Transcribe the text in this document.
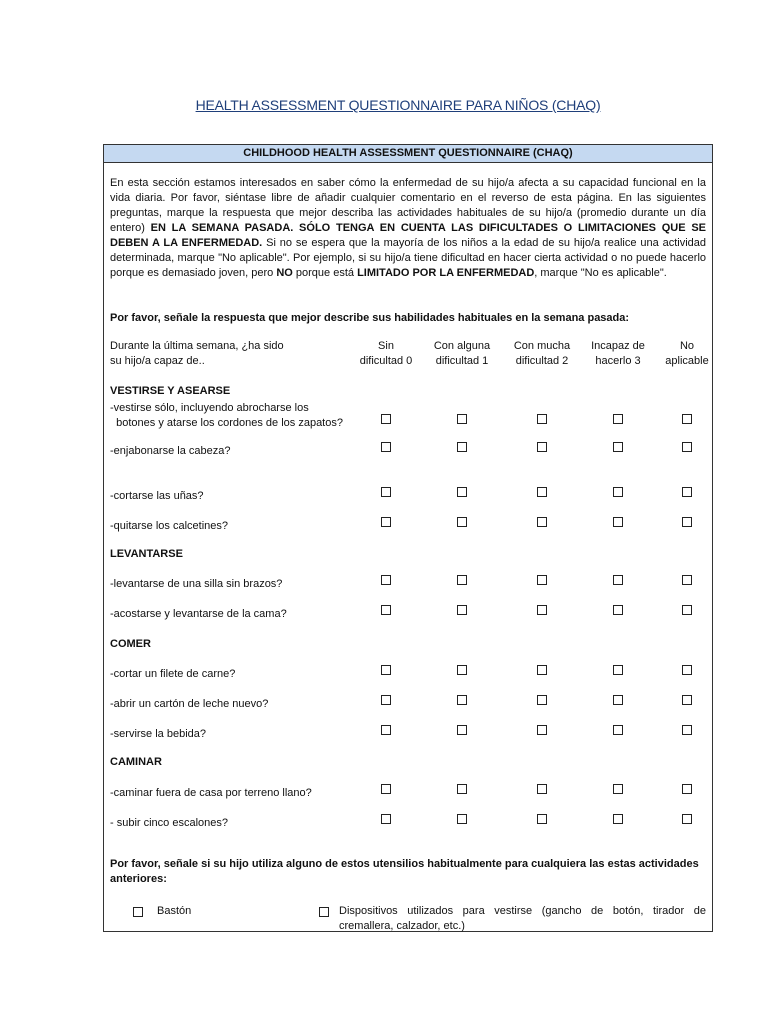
HEALTH ASSESSMENT QUESTIONNAIRE PARA NIÑOS (CHAQ)
CHILDHOOD HEALTH ASSESSMENT QUESTIONNAIRE (CHAQ)
En esta sección estamos interesados en saber cómo la enfermedad de su hijo/a afecta a su capacidad funcional en la vida diaria. Por favor, siéntase libre de añadir cualquier comentario en el reverso de esta página. En las siguientes preguntas, marque la respuesta que mejor describa las actividades habituales de su hijo/a (promedio durante un día entero) EN LA SEMANA PASADA. SÓLO TENGA EN CUENTA LAS DIFICULTADES O LIMITACIONES QUE SE DEBEN A LA ENFERMEDAD. Si no se espera que la mayoría de los niños a la edad de su hijo/a realice una actividad determinada, marque "No aplicable". Por ejemplo, si su hijo/a tiene dificultad en hacer cierta actividad o no puede hacerlo porque es demasiado joven, pero NO porque está LIMITADO POR LA ENFERMEDAD, marque "No es aplicable".
Por favor, señale la respuesta que mejor describe sus habilidades habituales en la semana pasada:
Durante la última semana, ¿ha sido
su hijo/a capaz de..
Sin
dificultad 0
Con alguna
dificultad 1
Con mucha
dificultad 2
Incapaz de
hacerlo 3
No
aplicable
VESTIRSE Y ASEARSE
-vestirse sólo, incluyendo abrocharse los
botones y atarse los cordones de los zapatos?
-enjabonarse la cabeza?
-cortarse las uñas?
-quitarse los calcetines?
LEVANTARSE
-levantarse de una silla sin brazos?
-acostarse y levantarse de la cama?
COMER
-cortar un filete de carne?
-abrir un cartón de leche nuevo?
-servirse la bebida?
CAMINAR
-caminar fuera de casa por terreno llano?
- subir cinco escalones?
Por favor, señale si su hijo utiliza alguno de estos utensilios habitualmente para cualquiera las estas actividades anteriores:
Bastón	Dispositivos utilizados para vestirse (gancho de botón, tirador de cremallera, calzador, etc.)
